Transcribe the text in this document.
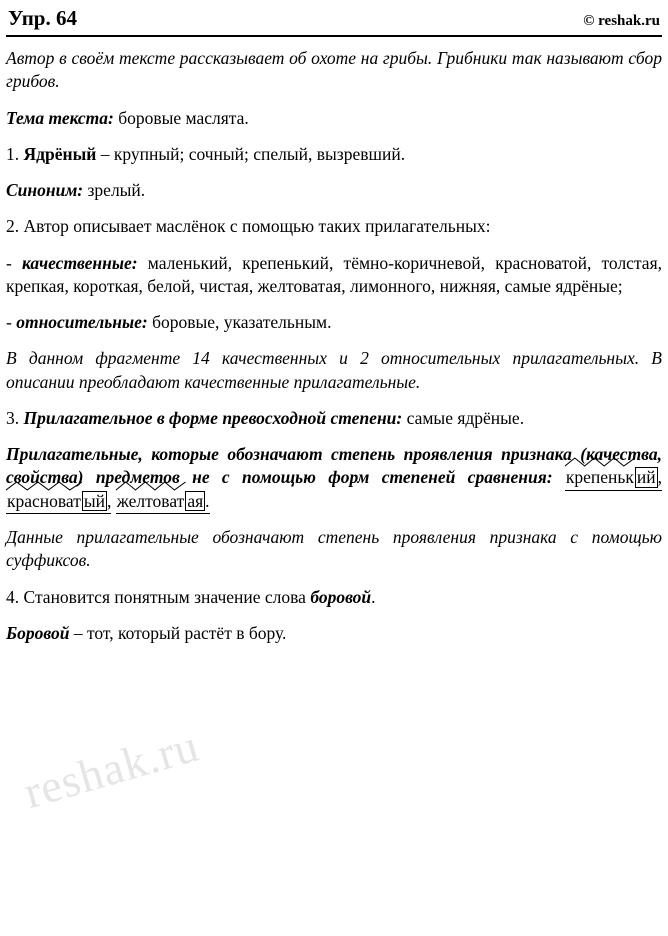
reshak.ru
Упр. 64	© reshak.ru

Автор в своём тексте рассказывает об охоте на грибы. Грибники так называют сбор грибов.

Тема текста: боровые маслята.

1. Ядрёный – крупный; сочный; спелый, вызревший.

Синоним: зрелый.

2. Автор описывает маслёнок с помощью таких прилагательных:

- качественные: маленький, крепенький, тёмно-коричневой, красноватой, толстая, крепкая, короткая, белой, чистая, желтоватая, лимонного, нижняя, самые ядрёные;

- относительные: боровые, указательным.

В данном фрагменте 14 качественных и 2 относительных прилагательных. В описании преобладают качественные прилагательные.

3. Прилагательное в форме превосходной степени: самые ядрёные.

Прилагательные, которые обозначают степень проявления признака (качества, свойства) предметов не с помощью форм степеней сравнения: крепеньк ий ,

красноват ый ,
желтоват ая .

Данные прилагательные обозначают степень проявления признака с помощью суффиксов.

4. Становится понятным значение слова боровой.

Боровой – тот, который растёт в бору.
